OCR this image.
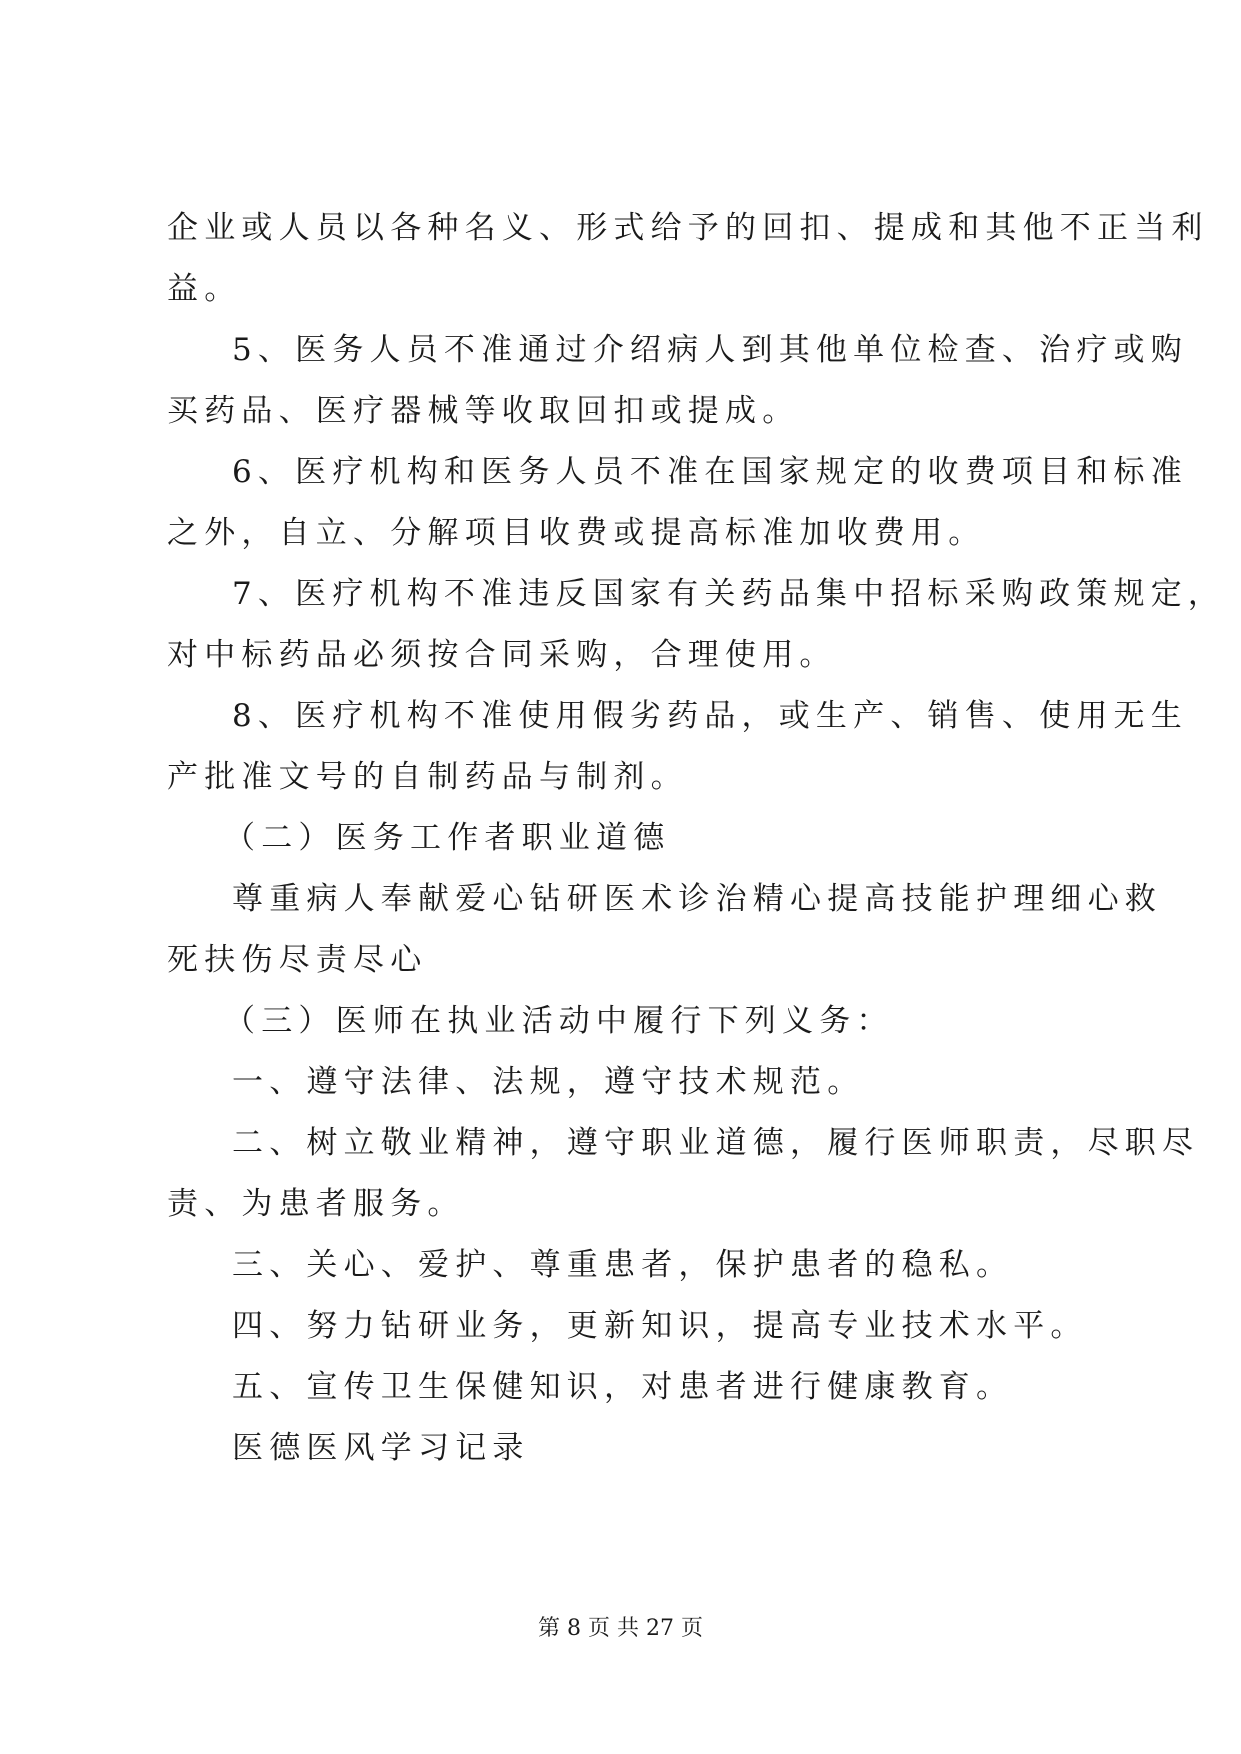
企业或人员以各种名义、形式给予的回扣、提成和其他不正当利
益。
5、医务人员不准通过介绍病人到其他单位检查、治疗或购
买药品、医疗器械等收取回扣或提成。
6、医疗机构和医务人员不准在国家规定的收费项目和标准
之外，自立、分解项目收费或提高标准加收费用。
7、医疗机构不准违反国家有关药品集中招标采购政策规定，
对中标药品必须按合同采购，合理使用。
8、医疗机构不准使用假劣药品，或生产、销售、使用无生
产批准文号的自制药品与制剂。
（二）医务工作者职业道德
尊重病人奉献爱心钻研医术诊治精心提高技能护理细心救
死扶伤尽责尽心
（三）医师在执业活动中履行下列义务：
一、遵守法律、法规，遵守技术规范。
二、树立敬业精神，遵守职业道德，履行医师职责，尽职尽
责、为患者服务。
三、关心、爱护、尊重患者，保护患者的稳私。
四、努力钻研业务，更新知识，提高专业技术水平。
五、宣传卫生保健知识，对患者进行健康教育。
医德医风学习记录
第 8 页 共 27 页
